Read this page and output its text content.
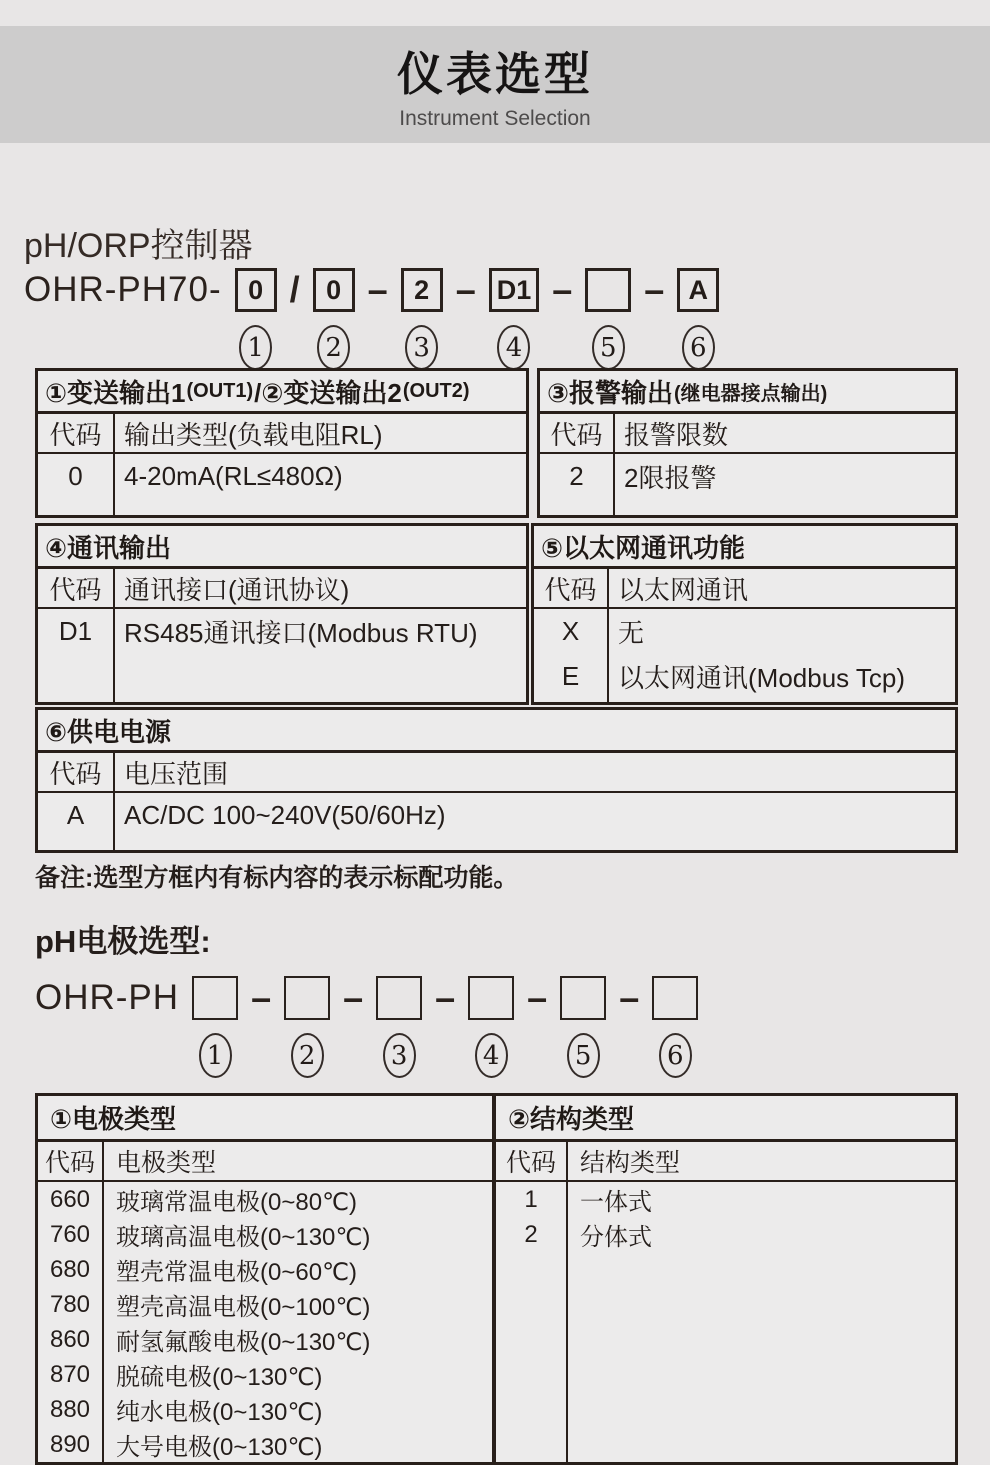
仪表选型
Instrument Selection
pH/ORP控制器
OHR-PH70- 0
1
/ 0
2
– 2
3
– D1
4
–
5
– A
6
①变送输出1 (OUT1) /②变送输出2 (OUT2)
代码
0
输出类型(负载电阻RL)
4-20mA(RL≤480Ω)
③报警输出 (继电器接点输出)
代码
2
报警限数
2限报警
④通讯输出
代码
D1
通讯接口(通讯协议)
RS485通讯接口(Modbus RTU)
⑤以太网通讯功能
代码
X
E
以太网通讯
无
以太网通讯(Modbus Tcp)
⑥供电电源
代码
A
电压范围
AC/DC 100~240V(50/60Hz)
备注:选型方框内有标内容的表示标配功能。
pH电极选型:
OHR-PH
1
–
2
–
3
–
4
–
5
–
6
①电极类型
代码
660
760
680
780
860
870
880
890
电极类型
玻璃常温电极(0~80℃)
玻璃高温电极(0~130℃)
塑壳常温电极(0~60℃)
塑壳高温电极(0~100℃)
耐氢氟酸电极(0~130℃)
脱硫电极(0~130℃)
纯水电极(0~130℃)
大号电极(0~130℃)
②结构类型
代码
1
2
结构类型
一体式
分体式
